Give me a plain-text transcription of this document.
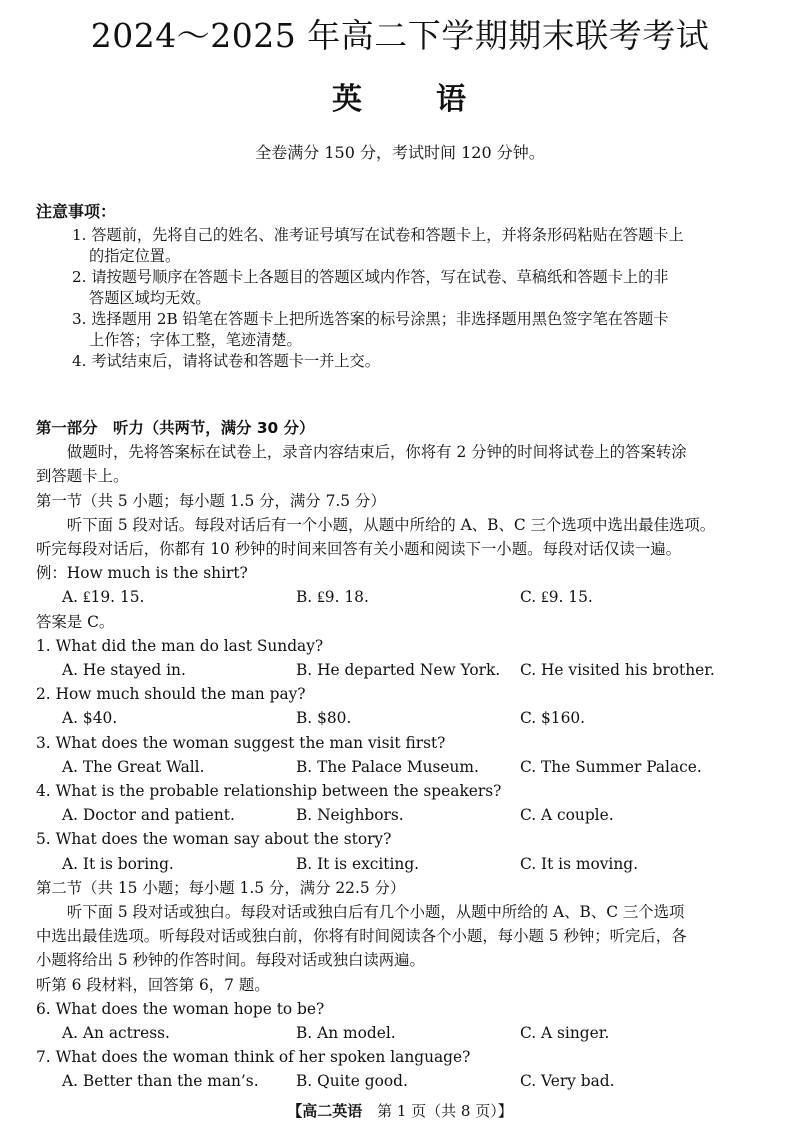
2024～2025 年高二下学期期末联考考试
英 语
全卷满分 150 分，考试时间 120 分钟。
注意事项：
1. 答题前，先将自己的姓名、准考证号填写在试卷和答题卡上，并将条形码粘贴在答题卡上
的指定位置。
2. 请按题号顺序在答题卡上各题目的答题区域内作答，写在试卷、草稿纸和答题卡上的非
答题区域均无效。
3. 选择题用 2B 铅笔在答题卡上把所选答案的标号涂黑；非选择题用黑色签字笔在答题卡
上作答；字体工整，笔迹清楚。
4. 考试结束后，请将试卷和答题卡一并上交。
第一部分　听力（共两节，满分 30 分）
做题时，先将答案标在试卷上，录音内容结束后，你将有 2 分钟的时间将试卷上的答案转涂
到答题卡上。
第一节（共 5 小题；每小题 1.5 分，满分 7.5 分）
听下面 5 段对话。每段对话后有一个小题，从题中所给的 A、B、C 三个选项中选出最佳选项。
听完每段对话后，你都有 10 秒钟的时间来回答有关小题和阅读下一小题。每段对话仅读一遍。
例：How much is the shirt?
A. ₤19. 15.	B. ₤9. 18.	C. ₤9. 15.
答案是 C。
1. What did the man do last Sunday?
A. He stayed in.	B. He departed New York.	C. He visited his brother.
2. How much should the man pay?
A. $40.	B. $80.	C. $160.
3. What does the woman suggest the man visit first?
A. The Great Wall.	B. The Palace Museum.	C. The Summer Palace.
4. What is the probable relationship between the speakers?
A. Doctor and patient.	B. Neighbors.	C. A couple.
5. What does the woman say about the story?
A. It is boring.	B. It is exciting.	C. It is moving.
第二节（共 15 小题；每小题 1.5 分，满分 22.5 分）
听下面 5 段对话或独白。每段对话或独白后有几个小题，从题中所给的 A、B、C 三个选项
中选出最佳选项。听每段对话或独白前，你将有时间阅读各个小题，每小题 5 秒钟；听完后，各
小题将给出 5 秒钟的作答时间。每段对话或独白读两遍。
听第 6 段材料，回答第 6，7 题。
6. What does the woman hope to be?
A. An actress.	B. An model.	C. A singer.
7. What does the woman think of her spoken language?
A. Better than the man’s.	B. Quite good.	C. Very bad.
【高二英语 第 1 页（共 8 页）】
